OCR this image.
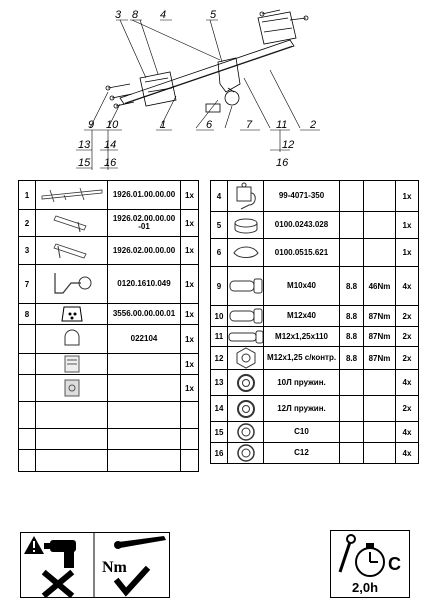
3 8 4	5
9 10	1	6	7 11 2
13 14	12
15 16	16
1		1926.01.00.00.00	1x
2		1926.02.00.00.00 -01	1x
3		1926.02.00.00.00	1x
7		0120.1610.049	1x
8		3556.00.00.00.01	1x

	022104	1x

		1x

		1x

4		99-4071-350			1x
5		0100.0243.028			1x
6		0100.0515.621			1x
9		M10x40	8.8	46Nm	4x
10		M12x40	8.8	87Nm	2x
11		M12x1,25x110	8.8	87Nm	2x
12		M12x1,25 с/контр.	8.8	87Nm	2x
13		10Л пружин.			4x
14		12Л пружин.			2x
15		C10			4x
16		C12			4x
Nm	C
2,0h
